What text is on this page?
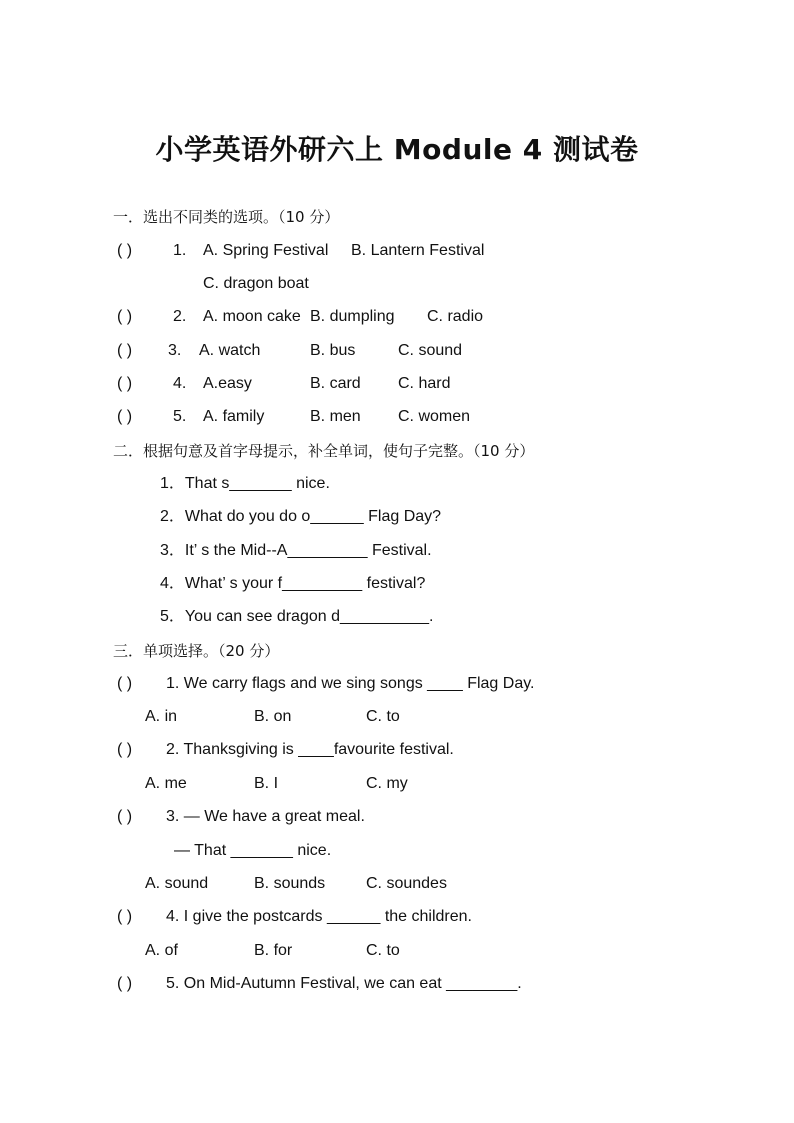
小学英语外研六上 Module 4 测试卷
一．选出不同类的选项。（10 分）
( )	1. A. Spring Festival B. Lantern Festival
C. dragon boat
( )	2. A. moon cake B. dumpling C. radio
( ) 3. A. watch	B. bus	C. sound
( )	4. A.easy	B. card C. hard
( )	5. A. family	B. men C. women
二．根据句意及首字母提示，补全单词，使句子完整。（10 分）
1．That s_______ nice.
2．What do you do o______ Flag Day?
3．It’ s the Mid--A_________ Festival.
4．What’ s your f_________ festival?
5．You can see dragon d__________.
三．单项选择。（20 分）
( ) 1. We carry flags and we sing songs ____ Flag Day.
A. in	B. on	C. to
( ) 2. Thanksgiving is ____favourite festival.
A. me	B. I	C. my
( ) 3. — We have a great meal.
— That _______ nice.
A. sound	B. sounds	C. soundes
( ) 4. I give the postcards ______ the children.
A. of	B. for	C. to
( ) 5. On Mid-Autumn Festival, we can eat ________.
